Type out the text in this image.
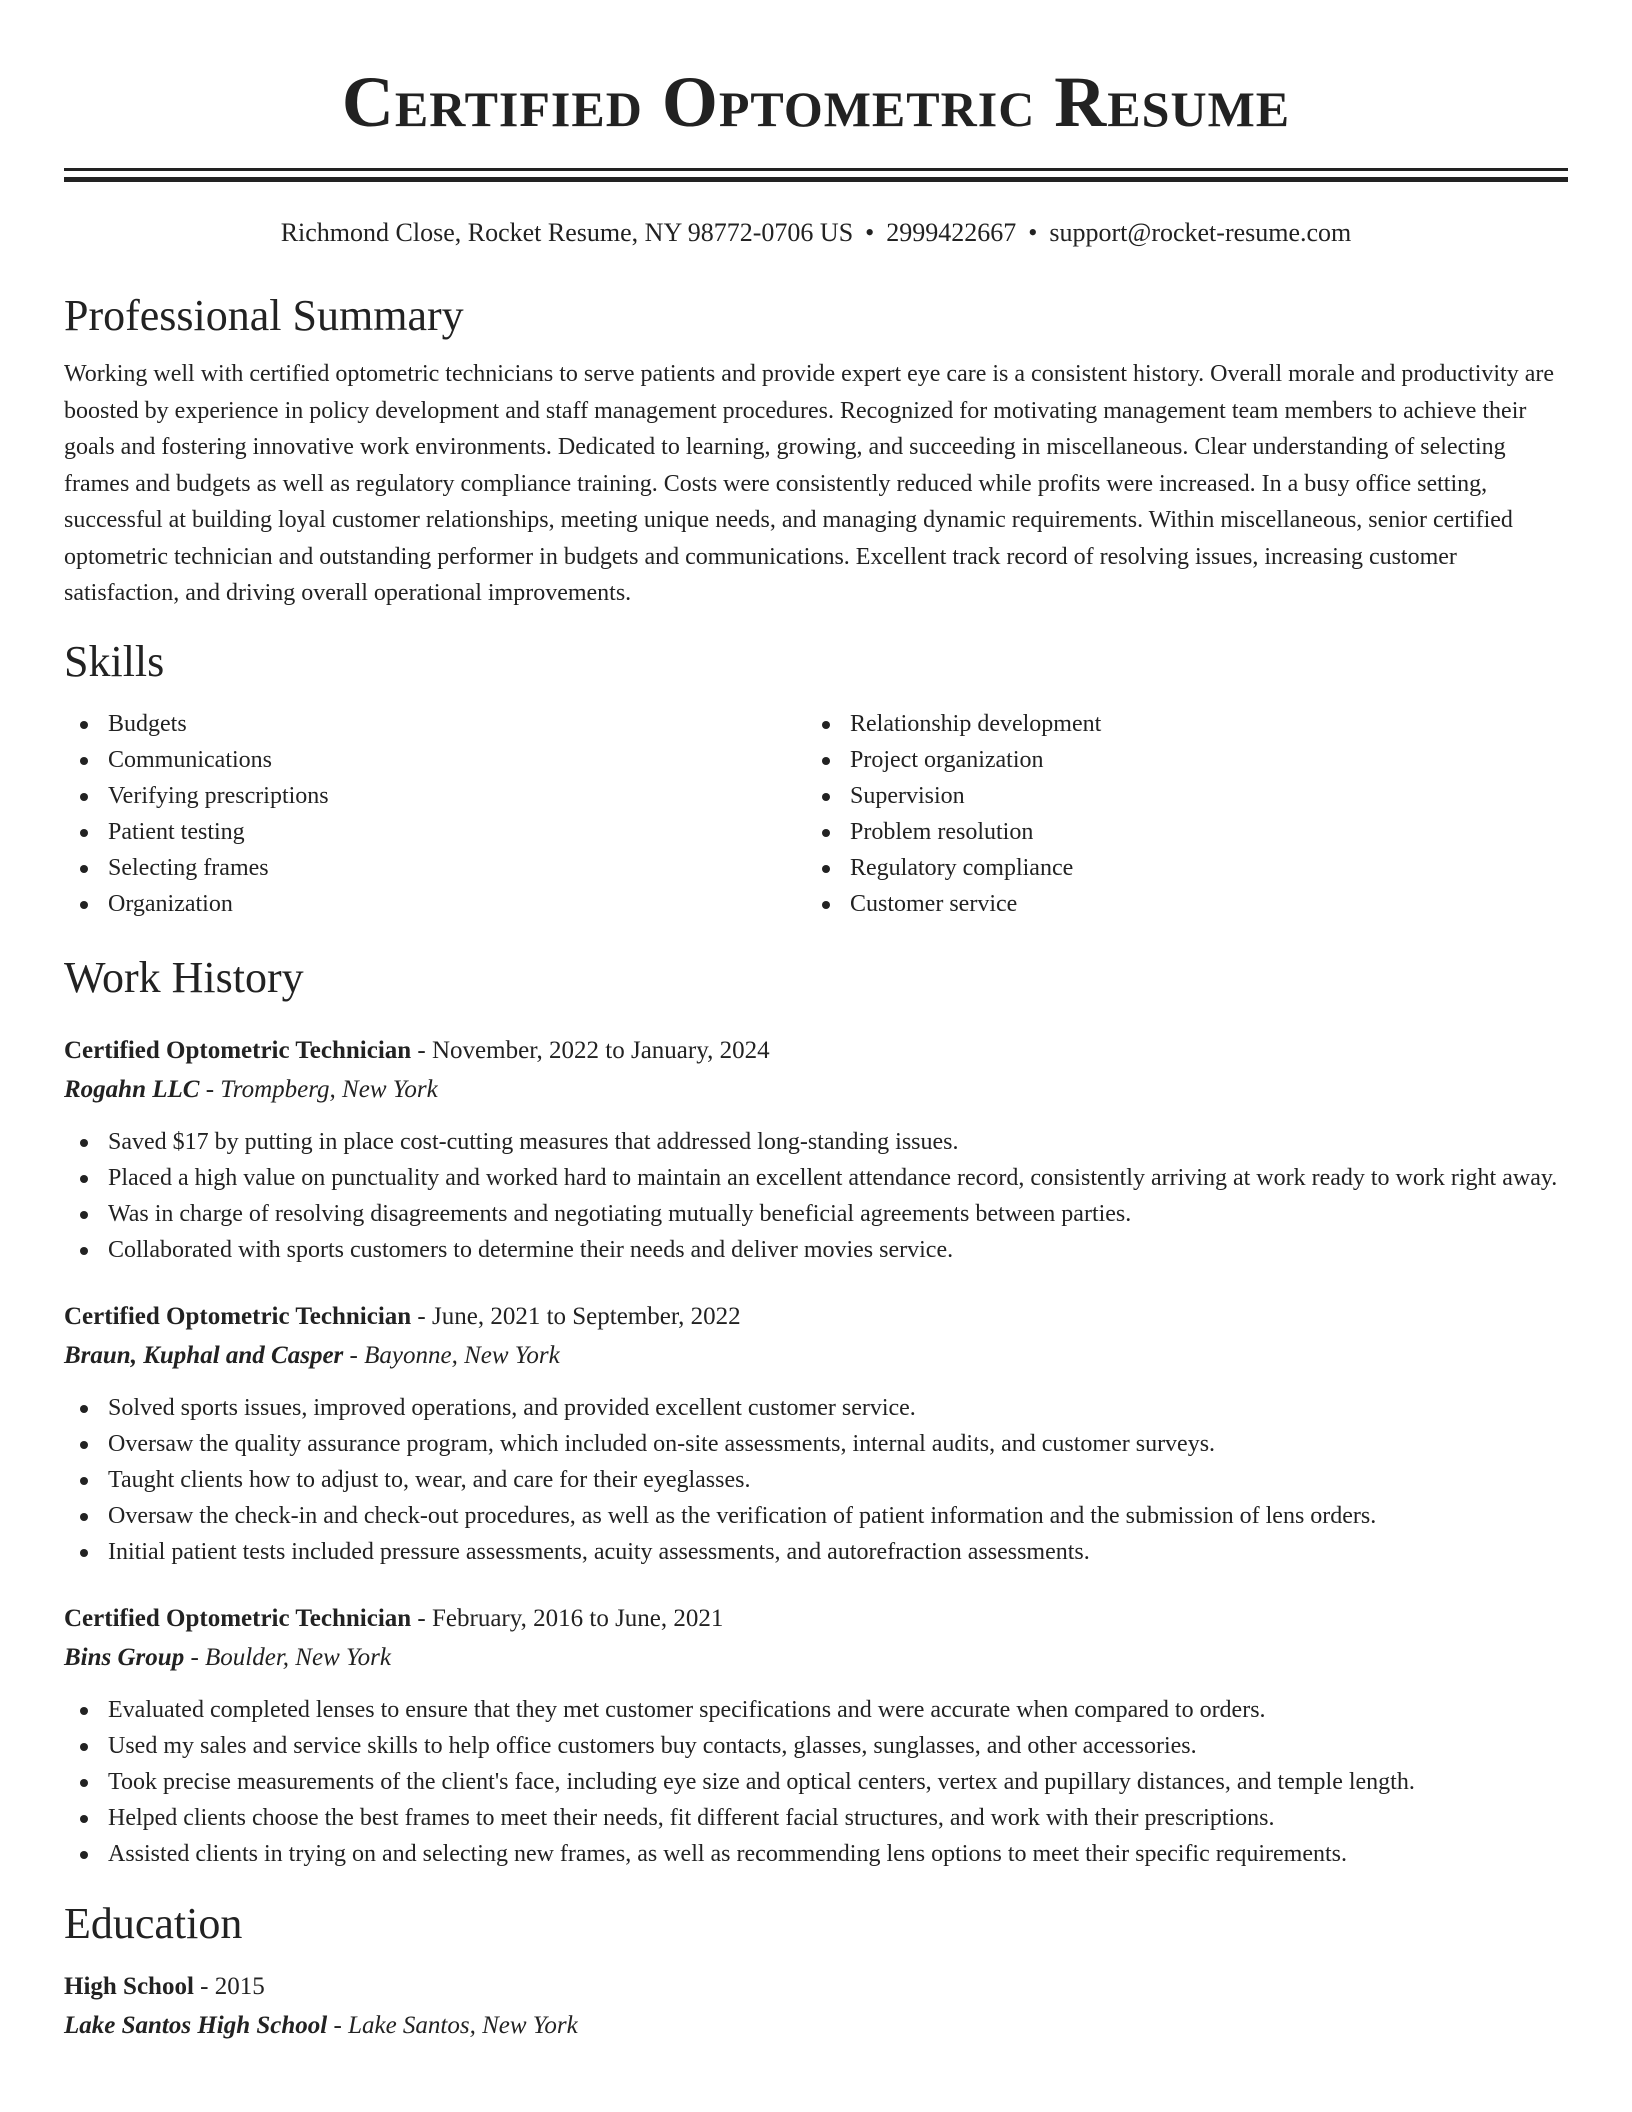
Certified Optometric Resume
Richmond Close, Rocket Resume, NY 98772-0706 US • 2999422667 • support@rocket-resume.com
Professional Summary

Working well with certified optometric technicians to serve patients and provide expert eye care is a consistent history. Overall morale and productivity are boosted by experience in policy development and staff management procedures. Recognized for motivating management team members to achieve their goals and fostering innovative work environments. Dedicated to learning, growing, and succeeding in miscellaneous. Clear understanding of selecting frames and budgets as well as regulatory compliance training. Costs were consistently reduced while profits were increased. In a busy office setting, successful at building loyal customer relationships, meeting unique needs, and managing dynamic requirements. Within miscellaneous, senior certified optometric technician and outstanding performer in budgets and communications. Excellent track record of resolving issues, increasing customer satisfaction, and driving overall operational improvements.

Skills
Budgets
Communications
Verifying prescriptions
Patient testing
Selecting frames
Organization
Relationship development
Project organization
Supervision
Problem resolution
Regulatory compliance
Customer service
Work History
Certified Optometric Technician - November, 2022 to January, 2024
Rogahn LLC - Trompberg, New York
Saved $17 by putting in place cost-cutting measures that addressed long-standing issues.
Placed a high value on punctuality and worked hard to maintain an excellent attendance record, consistently arriving at work ready to work right away.
Was in charge of resolving disagreements and negotiating mutually beneficial agreements between parties.
Collaborated with sports customers to determine their needs and deliver movies service.
Certified Optometric Technician - June, 2021 to September, 2022
Braun, Kuphal and Casper - Bayonne, New York
Solved sports issues, improved operations, and provided excellent customer service.
Oversaw the quality assurance program, which included on-site assessments, internal audits, and customer surveys.
Taught clients how to adjust to, wear, and care for their eyeglasses.
Oversaw the check-in and check-out procedures, as well as the verification of patient information and the submission of lens orders.
Initial patient tests included pressure assessments, acuity assessments, and autorefraction assessments.
Certified Optometric Technician - February, 2016 to June, 2021
Bins Group - Boulder, New York
Evaluated completed lenses to ensure that they met customer specifications and were accurate when compared to orders.
Used my sales and service skills to help office customers buy contacts, glasses, sunglasses, and other accessories.
Took precise measurements of the client's face, including eye size and optical centers, vertex and pupillary distances, and temple length.
Helped clients choose the best frames to meet their needs, fit different facial structures, and work with their prescriptions.
Assisted clients in trying on and selecting new frames, as well as recommending lens options to meet their specific requirements.
Education
High School - 2015
Lake Santos High School - Lake Santos, New York
